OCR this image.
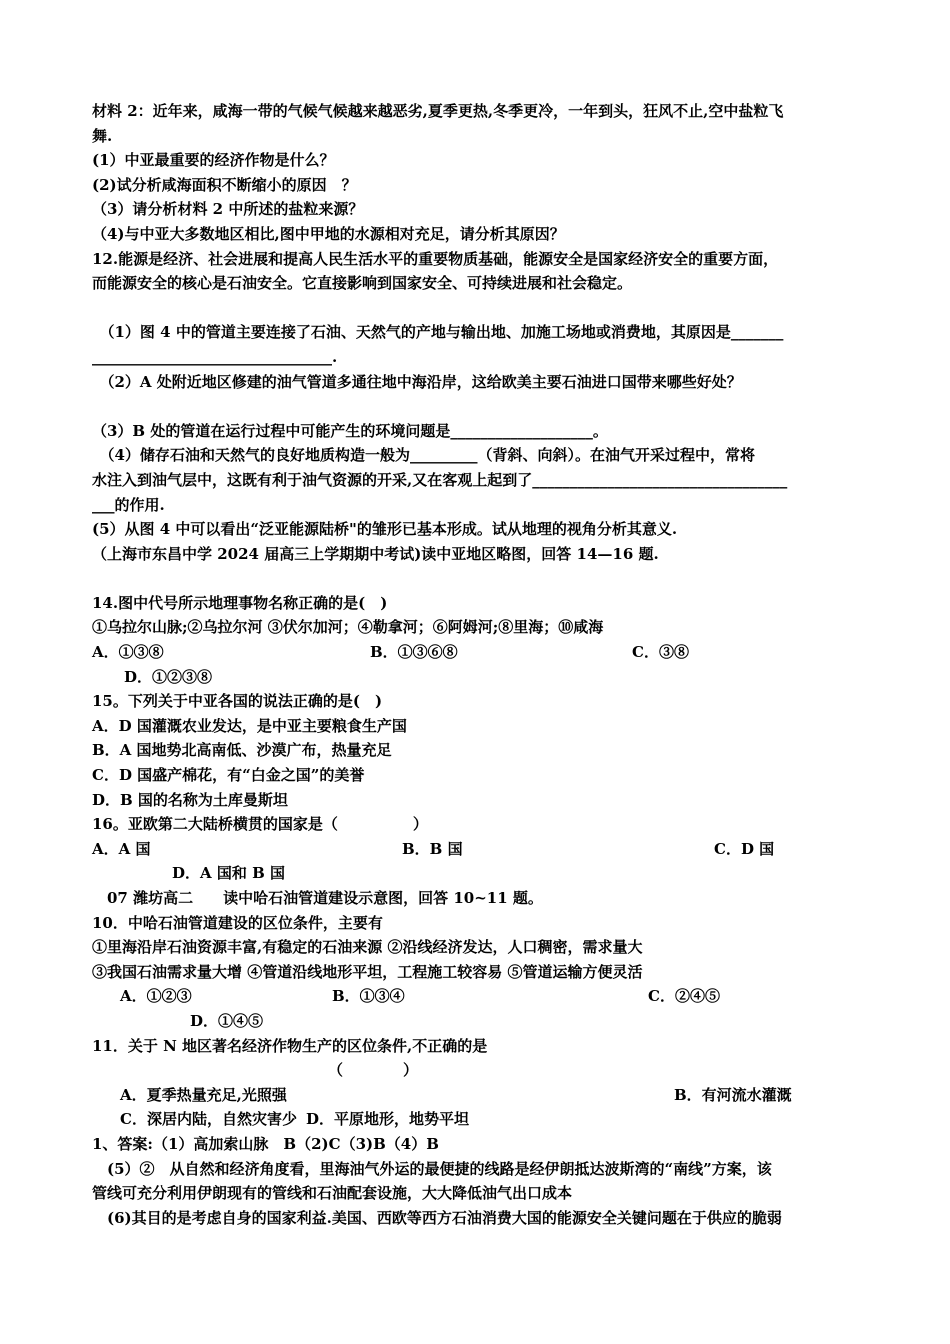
材料 2：近年来，咸海一带的气候气候越来越恶劣,夏季更热,冬季更冷，一年到头，狂风不止,空中盐粒飞
舞.
(1）中亚最重要的经济作物是什么？
(2)试分析咸海面积不断缩小的原因　？
（3）请分析材料 2 中所述的盐粒来源？
（4)与中亚大多数地区相比,图中甲地的水源相对充足，请分析其原因？
12.能源是经济、社会进展和提高人民生活水平的重要物质基础，能源安全是国家经济安全的重要方面，
而能源安全的核心是石油安全。它直接影响到国家安全、可持续进展和社会稳定。
　（1）图 4 中的管道主要连接了石油、天然气的产地与输出地、加施工场地或消费地，其原因是_______
________________________________.
　（2）A 处附近地区修建的油气管道多通往地中海沿岸，这给欧美主要石油进口国带来哪些好处？
（3）B 处的管道在运行过程中可能产生的环境问题是___________________。
　（4）储存石油和天然气的良好地质构造一般为_________（背斜、向斜）。在油气开采过程中，常将
水注入到油气层中，这既有利于油气资源的开采,又在客观上起到了__________________________________
___的作用.
(5）从图 4 中可以看出“泛亚能源陆桥"的雏形已基本形成。试从地理的视角分析其意义.
（上海市东昌中学 2024 届高三上学期期中考试)读中亚地区略图，回答 14—16 题.
14.图中代号所示地理事物名称正确的是(　)
①乌拉尔山脉;②乌拉尔河 ③伏尔加河；④勒拿河；⑥阿姆河;⑧里海；⑩咸海

A．①③⑧

	B．①③⑥⑧

	C．③⑧

D．①②③⑧

15。下列关于中亚各国的说法正确的是(　)
A．D 国灌溉农业发达，是中亚主要粮食生产国
B．A 国地势北高南低、沙漠广布，热量充足
C．D 国盛产棉花，有“白金之国”的美誉
D．B 国的名称为土库曼斯坦
16。亚欧第二大陆桥横贯的国家是（　　　　　）

A．A 国

	B．B 国

	C．D 国

D．A 国和 B 国

　07 潍坊高二　　读中哈石油管道建设示意图，回答 10~11 题。
10．中哈石油管道建设的区位条件，主要有
①里海沿岸石油资源丰富,有稳定的石油来源 ②沿线经济发达，人口稠密，需求量大
③我国石油需求量大增 ④管道沿线地形平坦，工程施工较容易 ⑤管道运输方便灵活

A．①②③

	B．①③④

	C．②④⑤

D．①④⑤

11．关于 N 地区著名经济作物生产的区位条件,不正确的是

（　　　　）

A．夏季热量充足,光照强

	B．有河流水灌溉

C．深居内陆，自然灾害少

D．平原地形，地势平坦

1、答案:（1）高加索山脉　B（2)C（3)B（4）B
　(5）②　从自然和经济角度看，里海油气外运的最便捷的线路是经伊朗抵达波斯湾的“南线”方案，该
管线可充分利用伊朗现有的管线和石油配套设施，大大降低油气出口成本
　(6)其目的是考虑自身的国家利益.美国、西欧等西方石油消费大国的能源安全关键问题在于供应的脆弱
